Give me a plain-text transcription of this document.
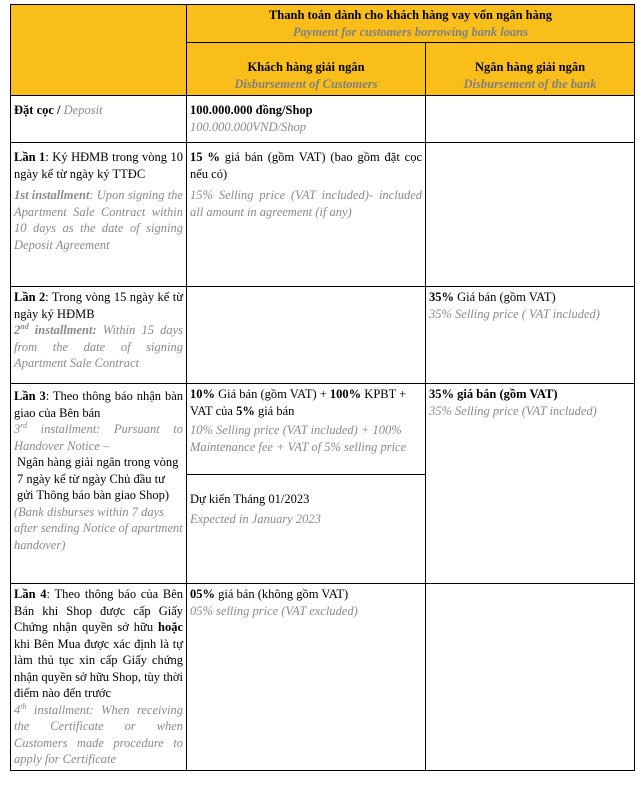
	Thanh toán dành cho khách hàng vay vốn ngân hàng
Payment for customers borrowing bank loans	

	Khách hàng giải ngân
Disbursement of Customers	Ngân hàng giải ngân
Disbursement of the bank

Đặt cọc / Deposit	100.000.000 đồng/Shop
100.000.000VND/Shop	

Lần 1: Ký HĐMB trong vòng 10 ngày kể từ ngày ký TTĐC
1st installment: Upon signing the Apartment Sale Contract within 10 days as the date of signing Deposit Agreement	15 % giá bán (gồm VAT) (bao gồm đặt cọc nếu có)
15% Selling price (VAT included)- included all amount in agreement (if any)	

Lần 2: Trong vòng 15 ngày kể từ ngày ký HĐMB
2nd installment: Within 15 days from the date of signing Apartment Sale Contract		35% Giá bán (gồm VAT)
35% Selling price ( VAT included)

Lần 3: Theo thông báo nhận bàn giao của Bên bán
3rd installment: Pursuant to Handover Notice –
Ngân hàng giải ngân trong vòng 7 ngày kể từ ngày Chủ đầu tư gửi Thông báo bàn giao Shop)
(Bank disburses within 7 days after sending Notice of apartment handover)	10% Giá bán (gồm VAT) + 100% KPBT + VAT của 5% giá bán
10% Selling price (VAT included) + 100% Maintenance fee + VAT of 5% selling price	35% giá bán (gồm VAT)
35% Selling price (VAT included)

	Dự kiến Tháng 01/2023
Expected in January 2023	

Lần 4: Theo thông báo của Bên Bán khi Shop được cấp Giấy Chứng nhận quyền sở hữu hoặc khi Bên Mua được xác định là tự làm thủ tục xin cấp Giấy chứng nhận quyền sở hữu Shop, tùy thời điểm nào đến trước
4th installment: When receiving the Certificate or when Customers made procedure to apply for Certificate	05% giá bán (không gồm VAT)
05% selling price (VAT excluded)	
